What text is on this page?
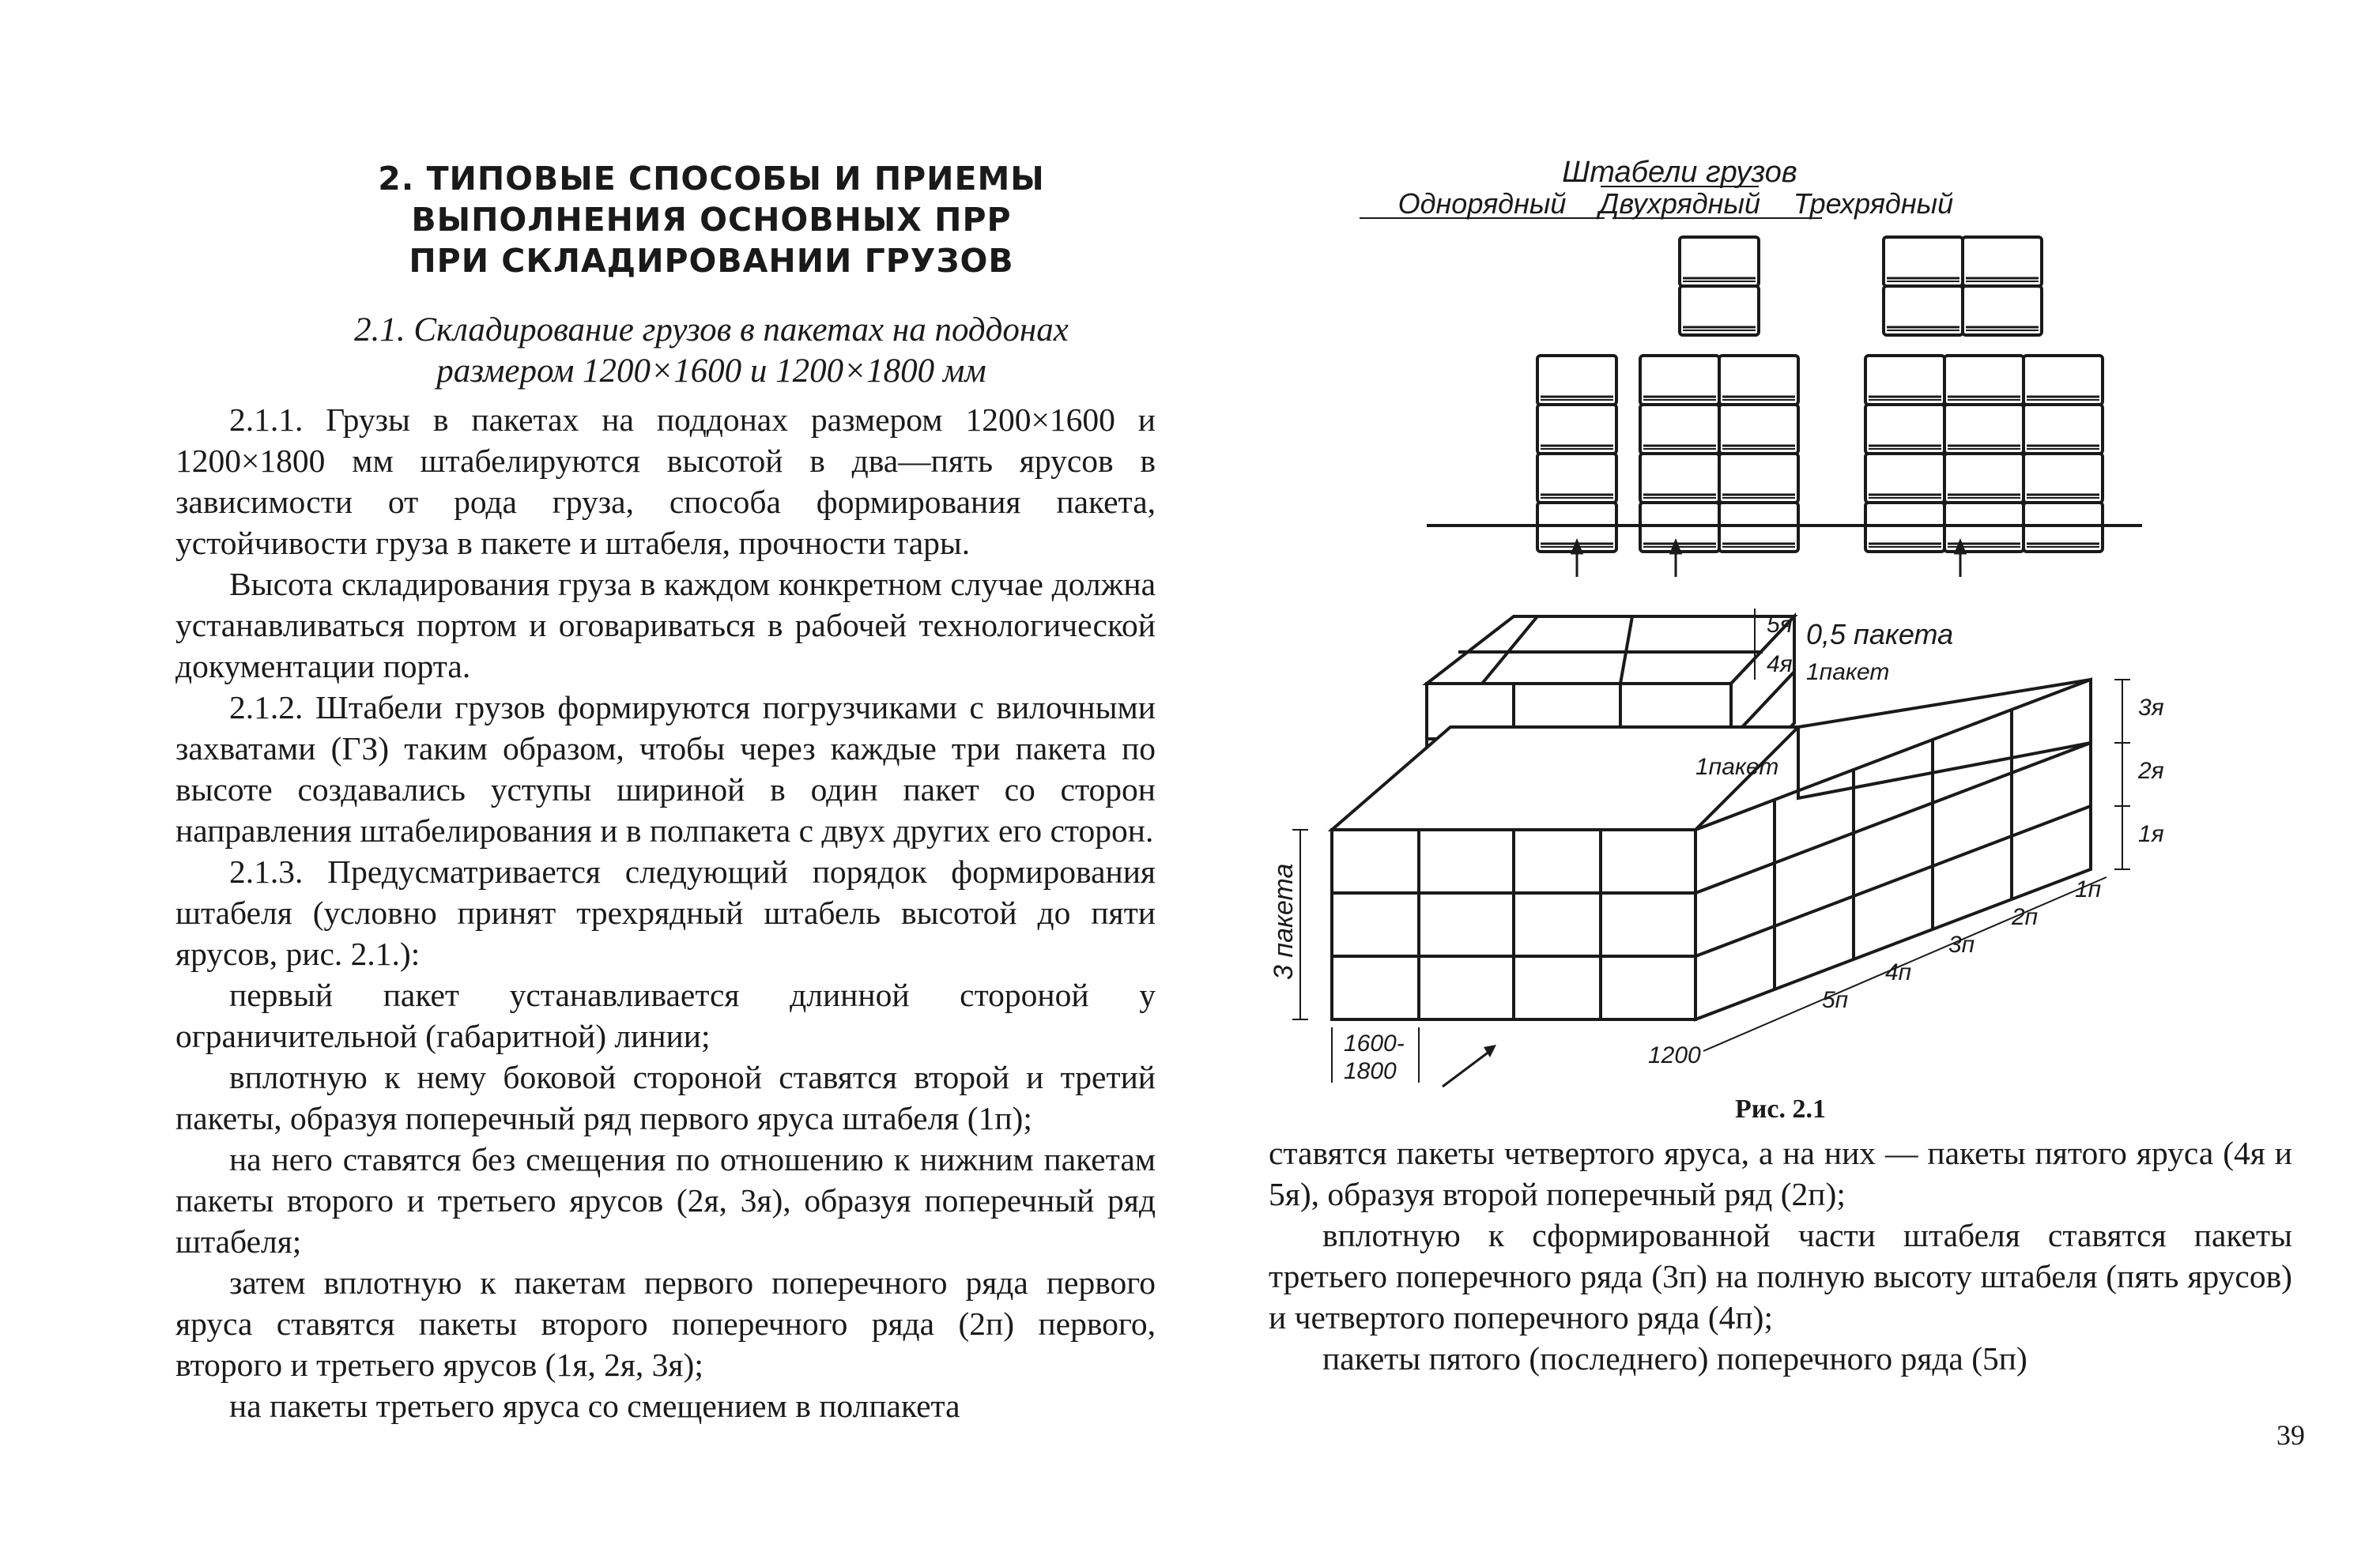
2. ТИПОВЫЕ СПОСОБЫ И ПРИЕМЫ
ВЫПОЛНЕНИЯ ОСНОВНЫХ ПРР
ПРИ СКЛАДИРОВАНИИ ГРУЗОВ
2.1. Складирование грузов в пакетах на поддонах
размером 1200×1600 и 1200×1800 мм

2.1.1. Грузы в пакетах на поддонах размером 1200×1600 и 1200×1800 мм штабелируются высотой в два—пять ярусов в зависимости от рода груза, способа формирования пакета, устойчивости груза в пакете и штабеля, прочности тары.

Высота складирования груза в каждом конкретном случае должна устанавливаться портом и оговариваться в рабочей технологической документации порта.

2.1.2. Штабели грузов формируются погрузчиками с вилочными захватами (ГЗ) таким образом, чтобы через каждые три пакета по высоте создавались уступы шириной в один пакет со сторон направления штабелирования и в полпакета с двух других его сторон.

2.1.3. Предусматривается следующий порядок формирования штабеля (условно принят трехрядный штабель высотой до пяти ярусов, рис. 2.1.):

первый пакет устанавливается длинной стороной у ограничительной (габаритной) линии;

вплотную к нему боковой стороной ставятся второй и третий пакеты, образуя поперечный ряд первого яруса штабеля (1п);

на него ставятся без смещения по отношению к нижним пакетам пакеты второго и третьего ярусов (2я, 3я), образуя поперечный ряд штабеля;

затем вплотную к пакетам первого поперечного ряда первого яруса ставятся пакеты второго поперечного ряда (2п) первого, второго и третьего ярусов (1я, 2я, 3я);

на пакеты третьего яруса со смещением в полпакета

Штабели грузов
Однорядный Двухрядный Трехрядный
5я
4я
3я
2я
1я
0,5 пакета
1пакет
1пакет
3 пакета	1п
2п
3п
4п
5п
1600-
1800
1200
Рис. 2.1

ставятся пакеты четвертого яруса, а на них — пакеты пятого яруса (4я и 5я), образуя второй поперечный ряд (2п);

вплотную к сформированной части штабеля ставятся пакеты третьего поперечного ряда (3п) на полную высоту штабеля (пять ярусов) и четвертого поперечного ряда (4п);

пакеты пятого (последнего) поперечного ряда (5п)

39
